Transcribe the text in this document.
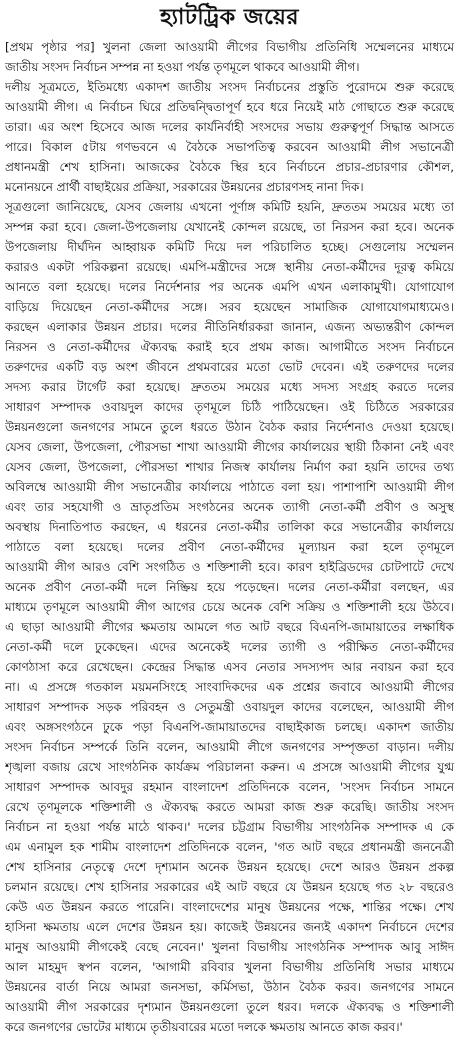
হ্যাটট্রিক জয়ের
[প্রথম পৃষ্ঠার পর] খুলনা জেলা আওয়ামী লীগের বিভাগীয় প্রতিনিধি সম্মেলনের মাধ্যমে
জাতীয় সংসদ নির্বাচন সম্পন্ন না হওয়া পর্যন্ত তৃণমূলে থাকবে আওয়ামী লীগ।
দলীয় সূত্রমতে, ইতিমধ্যে একাদশ জাতীয় সংসদ নির্বাচনের প্রস্তুতি পুরোদমে শুরু করেছে
আওয়ামী লীগ। এ নির্বাচন ঘিরে প্রতিদ্বন্দ্বিতাপূর্ণ হবে ধরে নিয়েই মাঠ গোছাতে শুরু করেছে
তারা। এর অংশ হিসেবে আজ দলের কার্যনির্বাহী সংসদের সভায় গুরুত্বপূর্ণ সিদ্ধান্ত আসতে
পারে। বিকাল ৫টায় গণভবনে এ বৈঠকে সভাপতিত্ব করবেন আওয়ামী লীগ সভানেত্রী
প্রধানমন্ত্রী শেখ হাসিনা। আজকের বৈঠকে স্থির হবে নির্বাচনে প্রচার-প্রচারণার কৌশল,
মনোনয়নে প্রার্থী বাছাইয়ের প্রক্রিয়া, সরকারের উন্নয়নের প্রচারণসহ নানা দিক।
সূত্রগুলো জানিয়েছে, যেসব জেলায় এখনো পূর্ণাঙ্গ কমিটি হয়নি, দ্রুততম সময়ের মধ্যে তা
সম্পন্ন করা হবে। জেলা-উপজেলায় যেখানেই কোন্দল রয়েছে, তা নিরসন করা হবে। অনেক
উপজেলায় দীর্ঘদিন আহ্বায়ক কমিটি দিয়ে দল পরিচালিত হচ্ছে। সেগুলোয় সম্মেলন
করারও একটা পরিকল্পনা রয়েছে। এমপি-মন্ত্রীদের সঙ্গে স্থানীয় নেতা-কর্মীদের দূরত্ব কমিয়ে
আনতে বলা হয়েছে। দলের নির্দেশনার পর অনেক এমপি এখন এলাকামুখী। যোগাযোগ
বাড়িয়ে দিয়েছেন নেতা-কর্মীদের সঙ্গে। সরব হয়েছেন সামাজিক যোগাযোগমাধ্যমেও।
করছেন এলাকার উন্নয়ন প্রচার। দলের নীতিনির্ধারকরা জানান, এজন্য অভ্যন্তরীণ কোন্দল
নিরসন ও নেতা-কর্মীদের ঐক্যবদ্ধ করাই হবে প্রথম কাজ। আগামীতে সংসদ নির্বাচনে
তরুণদের একটি বড় অংশ জীবনে প্রথমবারের মতো ভোট দেবেন। এই তরুণদের দলের
সদস্য করার টার্গেট করা হয়েছে। দ্রুততম সময়ের মধ্যে সদস্য সংগ্রহ করতে দলের
সাধারণ সম্পাদক ওবায়দুল কাদের তৃণমূলে চিঠি পাঠিয়েছেন। ওই চিঠিতে সরকারের
উন্নয়নগুলো জনগণের সামনে তুলে ধরতে উঠান বৈঠক করার নির্দেশনাও দেওয়া হয়েছে।
যেসব জেলা, উপজেলা, পৌরসভা শাখা আওয়ামী লীগের কার্যালয়ের স্থায়ী ঠিকানা নেই এবং
যেসব জেলা, উপজেলা, পৌরসভা শাখার নিজস্ব কার্যালয় নির্মাণ করা হয়নি তাদের তথ্য
অবিলম্বে আওয়ামী লীগ সভানেত্রীর কার্যালয়ে পাঠাতে বলা হয়। পাশাপাশি আওয়ামী লীগ
এবং তার সহযোগী ও ভ্রাতৃপ্রতিম সংগঠনের অনেক ত্যাগী নেতা-কর্মী প্রবীণ ও অসুস্থ
অবস্থায় দিনাতিপাত করছেন, এ ধরনের নেতা-কর্মীর তালিকা করে সভানেত্রীর কার্যালয়ে
পাঠাতে বলা হয়েছে। দলের প্রবীণ নেতা-কর্মীদের মূল্যায়ন করা হলে তৃণমূলে
আওয়ামী লীগ আরও বেশি সংগঠিত ও শক্তিশালী হবে। কারণ হাইব্রিডদের চোটপাটে দেখে
অনেক প্রবীণ নেতা-কর্মী দলে নিষ্ক্রিয় হয়ে পড়েছেন। দলের নেতা-কর্মীরা বলছেন, এর
মাধ্যমে তৃণমূলে আওয়ামী লীগ আগের চেয়ে অনেক বেশি সক্রিয় ও শক্তিশালী হয়ে উঠবে।
এ ছাড়া আওয়ামী লীগের ক্ষমতায় আমলে গত আট বছরে বিএনপি-জামায়াতের লক্ষাধিক
নেতা-কর্মী দলে ঢুকেছেন। এদের অনেকেই দলের ত্যাগী ও পরীক্ষিত নেতা-কর্মীদের
কোণঠাসা করে রেখেছেন। কেন্দ্রের সিদ্ধান্ত এসব নেতার সদস্যপদ আর নবায়ন করা হবে
না। এ প্রসঙ্গে গতকাল ময়মনসিংহে সাংবাদিকদের এক প্রশ্নের জবাবে আওয়ামী লীগের
সাধারণ সম্পাদক সড়ক পরিবহন ও সেতুমন্ত্রী ওবায়দুল কাদের বলেছেন, আওয়ামী লীগ
এবং অঙ্গসংগঠনে ঢুকে পড়া বিএনপি-জামায়াতদের বাছাইকাজ চলছে। একাদশ জাতীয়
সংসদ নির্বাচন সম্পর্কে তিনি বলেন, আওয়ামী লীগে জনগণের সম্পৃক্ততা বাড়ান। দলীয়
শৃঙ্খলা বজায় রেখে সাংগঠনিক কার্যক্রম পরিচালনা করুন। এ প্রসঙ্গে আওয়ামী লীগের যুগ্ম
সাধারণ সম্পাদক আবদুর রহমান বাংলাদেশ প্রতিদিনকে বলেন, 'সংসদ নির্বাচন সামনে
রেখে তৃণমূলকে শক্তিশালী ও ঐক্যবদ্ধ করতে আমরা কাজ শুরু করেছি। জাতীয় সংসদ
নির্বাচন না হওয়া পর্যন্ত মাঠে থাকব।' দলের চট্টগ্রাম বিভাগীয় সাংগঠনিক সম্পাদক এ কে
এম এনামুল হক শামীম বাংলাদেশ প্রতিদিনকে বলেন, 'গত আট বছরে প্রধানমন্ত্রী জননেত্রী
শেখ হাসিনার নেতৃত্বে দেশে দৃশ্যমান অনেক উন্নয়ন হয়েছে। দেশে আরও উন্নয়ন প্রকল্প
চলমান রয়েছে। শেখ হাসিনার সরকারের এই আট বছরে যে উন্নয়ন হয়েছে গত ২৮ বছরেও
কেউ এত উন্নয়ন করতে পারেনি। বাংলাদেশের মানুষ উন্নয়নের পক্ষে, শান্তির পক্ষে। শেখ
হাসিনা ক্ষমতায় এলে দেশের উন্নয়ন হয়। কাজেই উন্নয়নের জন্যই একাদশ নির্বাচনে দেশের
মানুষ আওয়ামী লীগকেই বেছে নেবেন।' খুলনা বিভাগীয় সাংগঠনিক সম্পাদক আবু সাঈদ
আল মাহমুদ স্বপন বলেন, 'আগামী রবিবার খুলনা বিভাগীয় প্রতিনিধি সভার মাধ্যমে
উন্নয়নের বার্তা নিয়ে আমরা জনসভা, কর্মিসভা, উঠান বৈঠক করব। জনগণের সামনে
আওয়ামী লীগ সরকারের দৃশ্যমান উন্নয়নগুলো তুলে ধরব। দলকে ঐক্যবদ্ধ ও শক্তিশালী
করে জনগণের ভোটের মাধ্যমে তৃতীয়বারের মতো দলকে ক্ষমতায় আনতে কাজ করব।'
